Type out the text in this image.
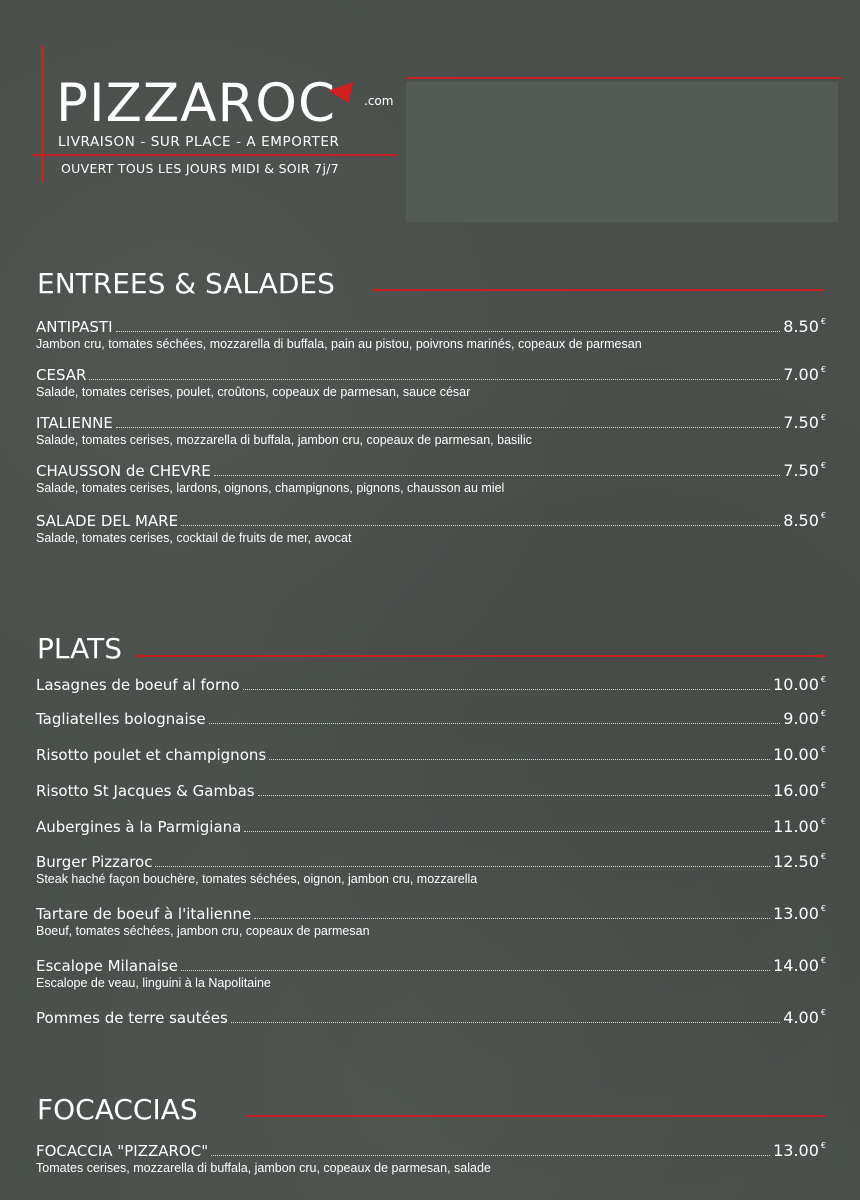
PIZZAROC .com
LIVRAISON - SUR PLACE - A EMPORTER
OUVERT TOUS LES JOURS MIDI & SOIR 7j/7
ENTREES & SALADES
ANTIPASTI	8.50 €
Jambon cru, tomates séchées, mozzarella di buffala, pain au pistou, poivrons marinés, copeaux de parmesan
CESAR	7.00 €
Salade, tomates cerises, poulet, croûtons, copeaux de parmesan, sauce césar
ITALIENNE	7.50 €
Salade, tomates cerises, mozzarella di buffala, jambon cru, copeaux de parmesan, basilic
CHAUSSON de CHEVRE	7.50 €
Salade, tomates cerises, lardons, oignons, champignons, pignons, chausson au miel
SALADE DEL MARE	8.50 €
Salade, tomates cerises, cocktail de fruits de mer, avocat
PLATS
Lasagnes de boeuf al forno	10.00 €
Tagliatelles bolognaise	9.00 €
Risotto poulet et champignons	10.00 €
Risotto St Jacques & Gambas	16.00 €
Aubergines à la Parmigiana	11.00 €
Burger Pizzaroc	12.50 €
Steak haché façon bouchère, tomates séchées, oignon, jambon cru, mozzarella
Tartare de boeuf à l'italienne	13.00 €
Boeuf, tomates séchées, jambon cru, copeaux de parmesan
Escalope Milanaise	14.00 €
Escalope de veau, linguini à la Napolitaine
Pommes de terre sautées	4.00 €
FOCACCIAS
FOCACCIA "PIZZAROC"	13.00 €
Tomates cerises, mozzarella di buffala, jambon cru, copeaux de parmesan, salade
